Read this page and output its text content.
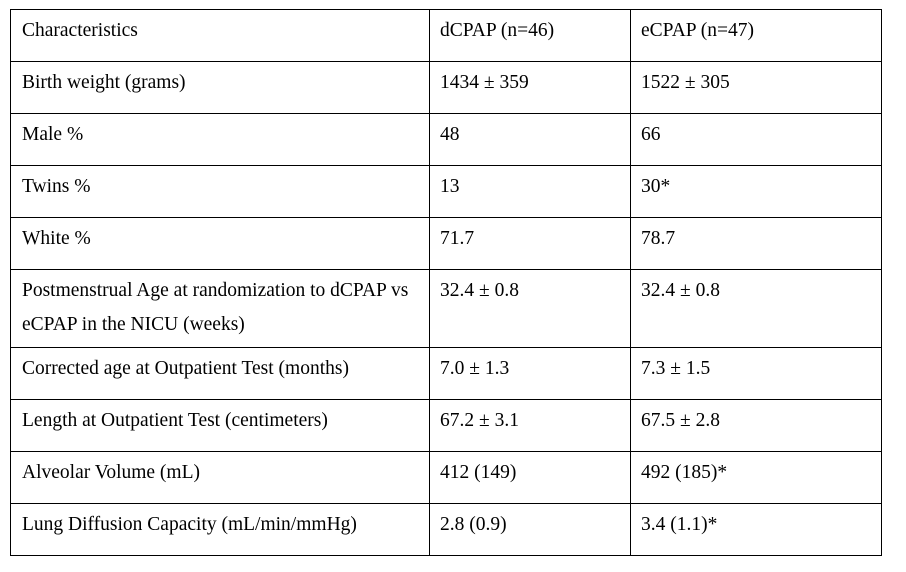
Characteristics	dCPAP (n=46)	eCPAP (n=47)
Birth weight (grams)	1434 ± 359	1522 ± 305
Male %	48	66
Twins %	13	30*
White %	71.7	78.7
Postmenstrual Age at randomization to dCPAP vs eCPAP in the NICU (weeks)	32.4 ± 0.8	32.4 ± 0.8
Corrected age at Outpatient Test (months)	7.0 ± 1.3	7.3 ± 1.5
Length at Outpatient Test (centimeters)	67.2 ± 3.1	67.5 ± 2.8
Alveolar Volume (mL)	412 (149)	492 (185)*
Lung Diffusion Capacity (mL/min/mmHg)	2.8 (0.9)	3.4 (1.1)*
